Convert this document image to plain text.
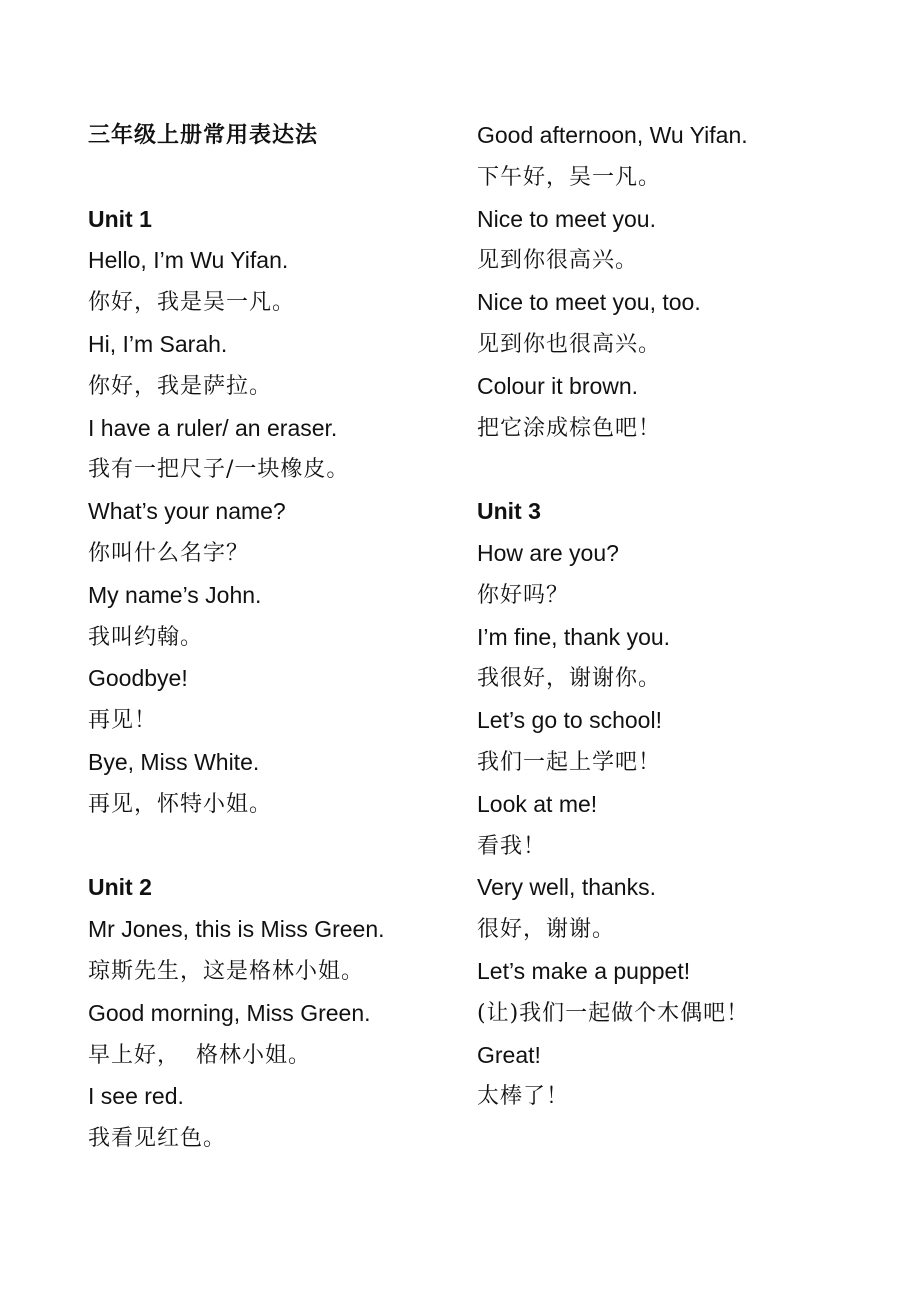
三年级上册常用表达法
Unit 1
Hello, I’m Wu Yifan.
你好，我是吴一凡。
Hi, I’m Sarah.
你好，我是萨拉。
I have a ruler/ an eraser.
我有一把尺子/一块橡皮。
What’s your name?
你叫什么名字？
My name’s John.
我叫约翰。
Goodbye!
再见！
Bye, Miss White.
再见，怀特小姐。
Unit 2
Mr Jones, this is Miss Green.
琼斯先生，这是格林小姐。
Good morning, Miss Green.
早上好，  格林小姐。
I see red.
我看见红色。
Good afternoon, Wu Yifan.
下午好，吴一凡。
Nice to meet you.
见到你很高兴。
Nice to meet you, too.
见到你也很高兴。
Colour it brown.
把它涂成棕色吧！
Unit 3
How are you?
你好吗？
I’m fine, thank you.
我很好，谢谢你。
Let’s go to school!
我们一起上学吧！
Look at me!
看我！
Very well, thanks.
很好，谢谢。
Let’s make a puppet!
(让)我们一起做个木偶吧！
Great!
太棒了！
